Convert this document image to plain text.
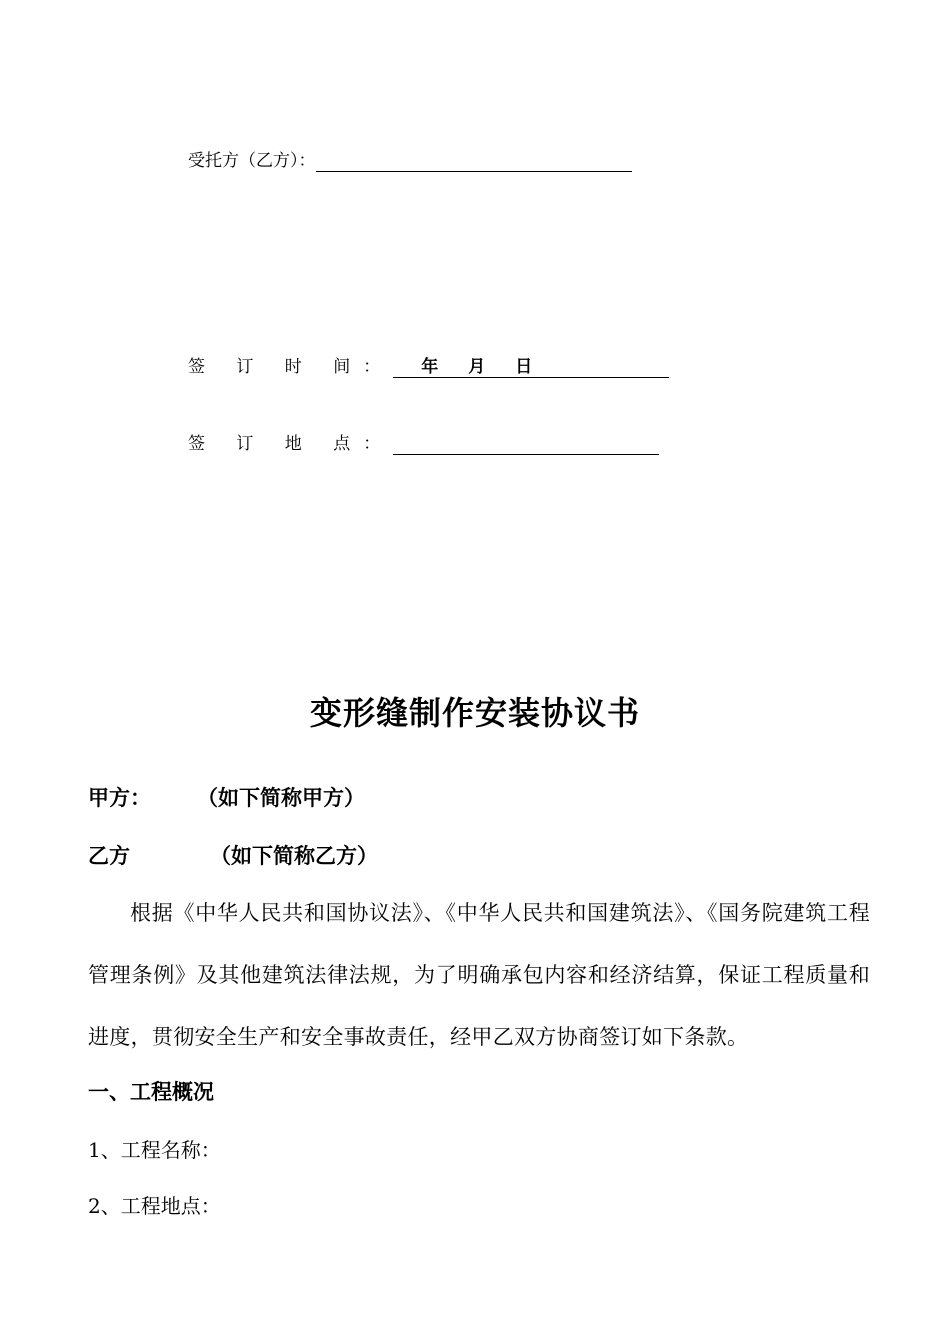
受托方（乙方）：
签 订 时 间：	年 月 日
签 订 地 点：
变形缝制作安装协议书
甲方： （如下简称甲方）
乙方	（如下简称乙方）
根据《中华人民共和国协议法》、《中华人民共和国建筑法》、《国务院建筑工程管理条例》及其他建筑法律法规，为了明确承包内容和经济结算，保证工程质量和进度，贯彻安全生产和安全事故责任，经甲乙双方协商签订如下条款。
一、工程概况
1、工程名称：
2、工程地点：
